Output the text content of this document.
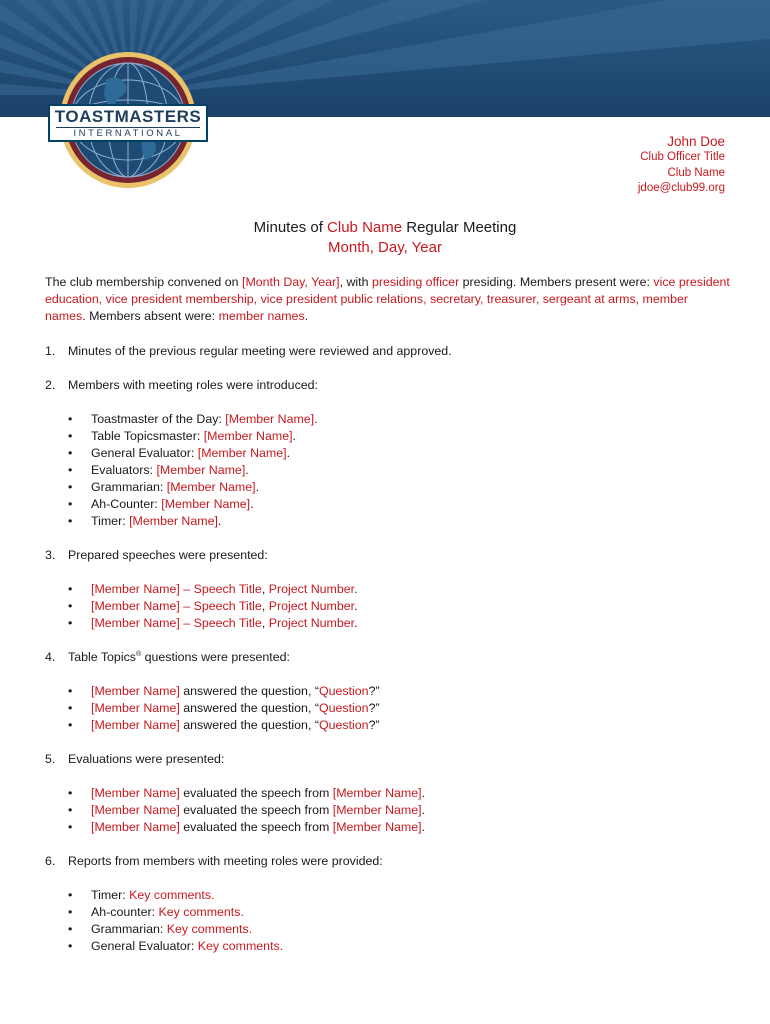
TOASTMASTERS
INTERNATIONAL
John Doe
Club Officer Title
Club Name
jdoe@club99.org
Minutes of Club Name Regular Meeting
Month, Day, Year
The club membership convened on [Month Day, Year], with presiding officer presiding. Members present were: vice president education, vice president membership, vice president public relations, secretary, treasurer, sergeant at arms, member names. Members absent were: member names.
1. Minutes of the previous regular meeting were reviewed and approved.
2. Members with meeting roles were introduced:
• Toastmaster of the Day: [Member Name].
• Table Topicsmaster: [Member Name].
• General Evaluator: [Member Name].
• Evaluators: [Member Name].
• Grammarian: [Member Name].
• Ah-Counter: [Member Name].
• Timer: [Member Name].
3. Prepared speeches were presented:
• [Member Name] – Speech Title, Project Number.
• [Member Name] – Speech Title, Project Number.
• [Member Name] – Speech Title, Project Number.
4. Table Topics® questions were presented:
• [Member Name] answered the question, “Question?”
• [Member Name] answered the question, “Question?”
• [Member Name] answered the question, “Question?”
5. Evaluations were presented:
• [Member Name] evaluated the speech from [Member Name].
• [Member Name] evaluated the speech from [Member Name].
• [Member Name] evaluated the speech from [Member Name].
6. Reports from members with meeting roles were provided:
• Timer: Key comments.
• Ah-counter: Key comments.
• Grammarian: Key comments.
• General Evaluator: Key comments.
